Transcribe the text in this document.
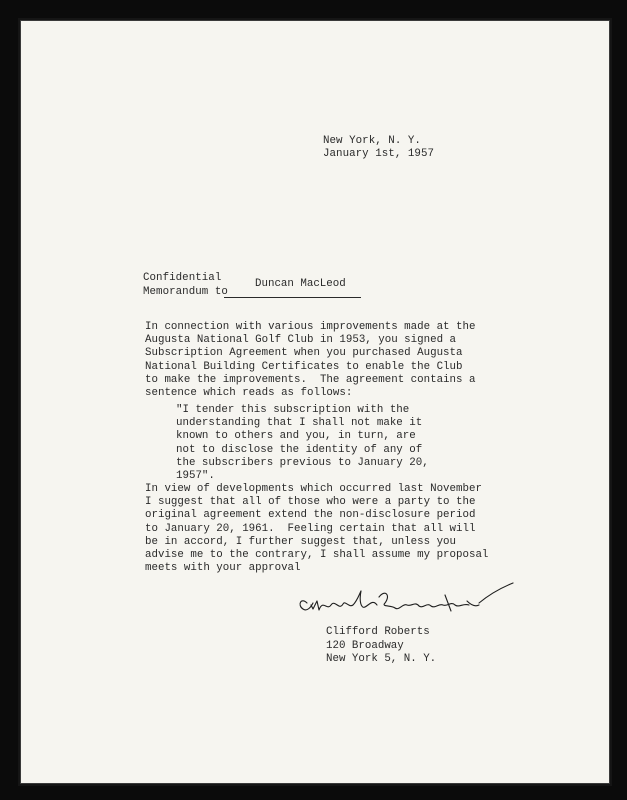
New York, N. Y.
January 1st, 1957
Confidential
Memorandum to
Duncan MacLeod
In connection with various improvements made at the
Augusta National Golf Club in 1953, you signed a
Subscription Agreement when you purchased Augusta
National Building Certificates to enable the Club
to make the improvements.  The agreement contains a
sentence which reads as follows:
"I tender this subscription with the
understanding that I shall not make it
known to others and you, in turn, are
not to disclose the identity of any of
the subscribers previous to January 20,
1957".
In view of developments which occurred last November
I suggest that all of those who were a party to the
original agreement extend the non-disclosure period
to January 20, 1961.  Feeling certain that all will
be in accord, I further suggest that, unless you
advise me to the contrary, I shall assume my proposal
meets with your approval
Clifford Roberts
120 Broadway
New York 5, N. Y.
